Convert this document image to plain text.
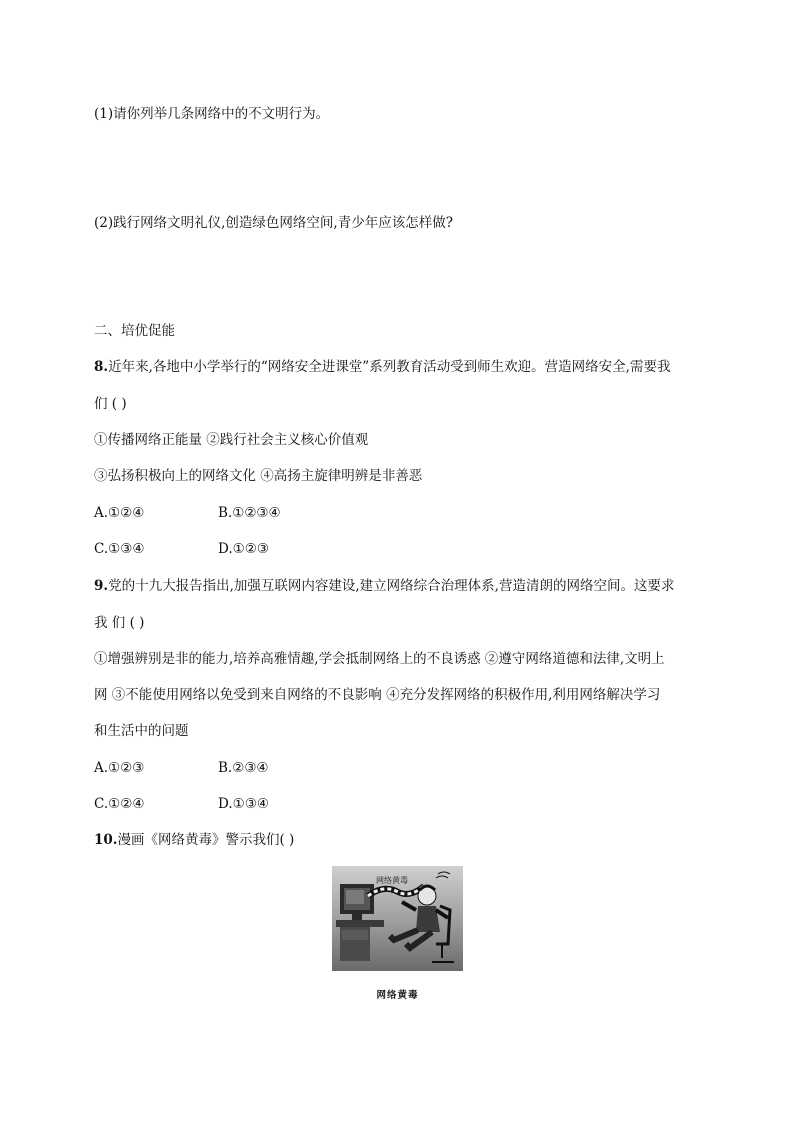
(1)请你列举几条网络中的不文明行为。
(2)践行网络文明礼仪,创造绿色网络空间,青少年应该怎样做?
二、培优促能
8.近年来,各地中小学举行的“网络安全进课堂”系列教育活动受到师生欢迎。营造网络安全,需要我
们 ( )
①传播网络正能量 ②践行社会主义核心价值观
③弘扬积极向上的网络文化 ④高扬主旋律明辨是非善恶
A.①②④	B.①②③④
C.①③④	D.①②③
9.党的十九大报告指出,加强互联网内容建设,建立网络综合治理体系,营造清朗的网络空间。这要求
我 们 ( )
①增强辨别是非的能力,培养高雅情趣,学会抵制网络上的不良诱惑 ②遵守网络道德和法律,文明上
网 ③不能使用网络以免受到来自网络的不良影响 ④充分发挥网络的积极作用,利用网络解决学习
和生活中的问题
A.①②③	B.②③④
C.①②④	D.①③④
10.漫画《网络黄毒》警示我们( )
网络黄毒
网络黄毒
